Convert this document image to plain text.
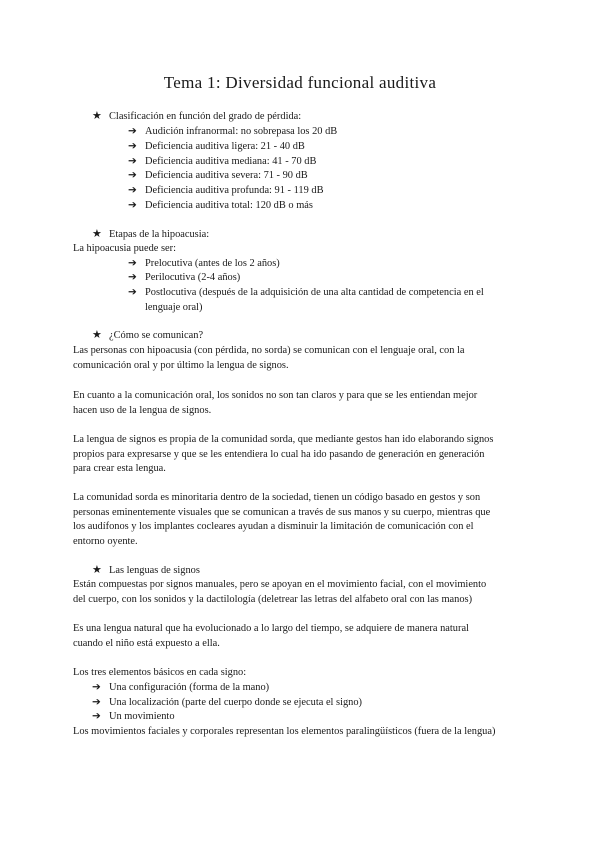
Tema 1: Diversidad funcional auditiva
★ Clasificación en función del grado de pérdida:
➔ Audición infranormal: no sobrepasa los 20 dB
➔ Deficiencia auditiva ligera: 21 - 40 dB
➔ Deficiencia auditiva mediana: 41 - 70 dB
➔ Deficiencia auditiva severa: 71 - 90 dB
➔ Deficiencia auditiva profunda: 91 - 119 dB
➔ Deficiencia auditiva total: 120 dB o más
★ Etapas de la hipoacusia:
La hipoacusia puede ser:
➔ Prelocutiva (antes de los 2 años)
➔ Perilocutiva (2-4 años)
➔ Postlocutiva (después de la adquisición de una alta cantidad de competencia en el
lenguaje oral)
★ ¿Cómo se comunican?
Las personas con hipoacusia (con pérdida, no sorda) se comunican con el lenguaje oral, con la
comunicación oral y por último la lengua de signos.
En cuanto a la comunicación oral, los sonidos no son tan claros y para que se les entiendan mejor
hacen uso de la lengua de signos.
La lengua de signos es propia de la comunidad sorda, que mediante gestos han ido elaborando signos
propios para expresarse y que se les entendiera lo cual ha ido pasando de generación en generación
para crear esta lengua.
La comunidad sorda es minoritaria dentro de la sociedad, tienen un código basado en gestos y son
personas eminentemente visuales que se comunican a través de sus manos y su cuerpo, mientras que
los audífonos y los implantes cocleares ayudan a disminuir la limitación de comunicación con el
entorno oyente.
★ Las lenguas de signos
Están compuestas por signos manuales, pero se apoyan en el movimiento facial, con el movimiento
del cuerpo, con los sonidos y la dactilología (deletrear las letras del alfabeto oral con las manos)
Es una lengua natural que ha evolucionado a lo largo del tiempo, se adquiere de manera natural
cuando el niño está expuesto a ella.
Los tres elementos básicos en cada signo:
➔ Una configuración (forma de la mano)
➔ Una localización (parte del cuerpo donde se ejecuta el signo)
➔ Un movimiento
Los movimientos faciales y corporales representan los elementos paralingüísticos (fuera de la lengua)
